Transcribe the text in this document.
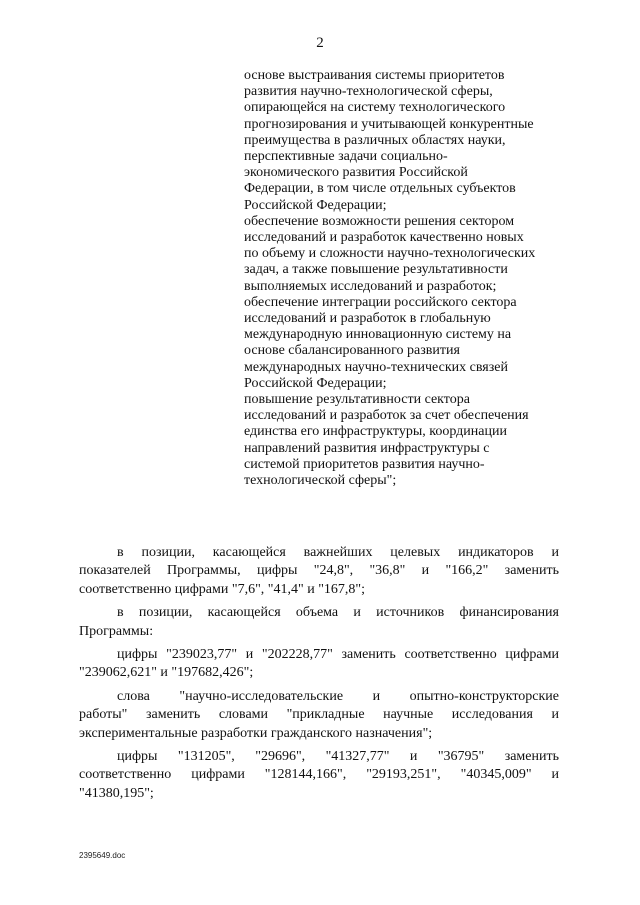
2
основе выстраивания системы приоритетов
развития научно-технологической сферы,
опирающейся на систему технологического
прогнозирования и учитывающей конкурентные
преимущества в различных областях науки,
перспективные задачи социально-
экономического развития Российской
Федерации, в том числе отдельных субъектов
Российской Федерации;
обеспечение возможности решения сектором
исследований и разработок качественно новых
по объему и сложности научно-технологических
задач, а также повышение результативности
выполняемых исследований и разработок;
обеспечение интеграции российского сектора
исследований и разработок в глобальную
международную инновационную систему на
основе сбалансированного развития
международных научно-технических связей
Российской Федерации;
повышение результативности сектора
исследований и разработок за счет обеспечения
единства его инфраструктуры, координации
направлений развития инфраструктуры с
системой приоритетов развития научно-
технологической сферы";
в позиции, касающейся важнейших целевых индикаторов и
показателей Программы, цифры "24,8", "36,8" и "166,2" заменить
соответственно цифрами "7,6", "41,4" и "167,8";
в позиции, касающейся объема и источников финансирования
Программы:
цифры "239023,77" и "202228,77" заменить соответственно цифрами
"239062,621" и "197682,426";
слова "научно-исследовательские и опытно-конструкторские
работы" заменить словами "прикладные научные исследования и
экспериментальные разработки гражданского назначения";
цифры "131205", "29696", "41327,77" и "36795" заменить
соответственно цифрами "128144,166", "29193,251", "40345,009" и
"41380,195";
2395649.doc
